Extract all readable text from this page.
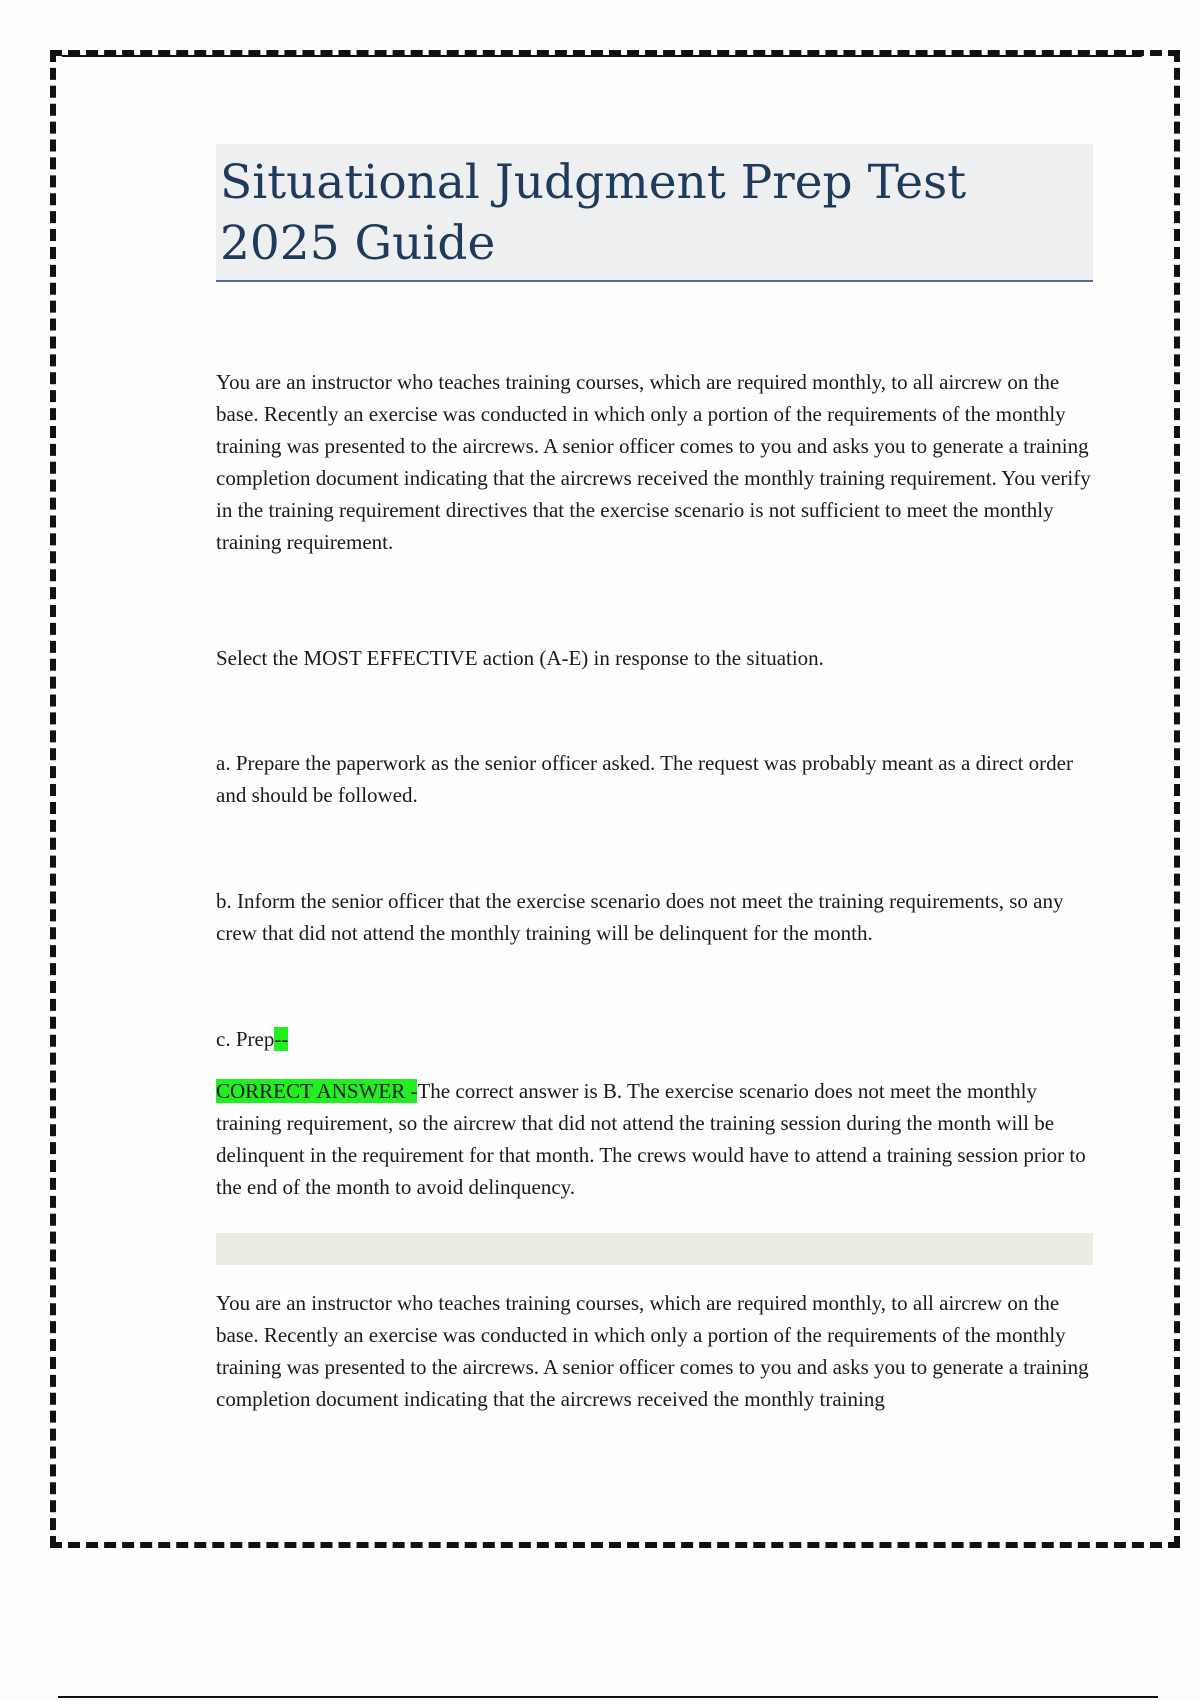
Situational Judgment Prep Test 2025 Guide

You are an instructor who teaches training courses, which are required monthly, to all aircrew on the base. Recently an exercise was conducted in which only a portion of the requirements of the monthly training was presented to the aircrews. A senior officer comes to you and asks you to generate a training completion document indicating that the aircrews received the monthly training requirement. You verify in the training requirement directives that the exercise scenario is not sufficient to meet the monthly training requirement.

Select the MOST EFFECTIVE action (A-E) in response to the situation.

a. Prepare the paperwork as the senior officer asked. The request was probably meant as a direct order and should be followed.

b. Inform the senior officer that the exercise scenario does not meet the training requirements, so any crew that did not attend the monthly training will be delinquent for the month.

c. Prep--

CORRECT ANSWER -The correct answer is B. The exercise scenario does not meet the monthly training requirement, so the aircrew that did not attend the training session during the month will be delinquent in the requirement for that month. The crews would have to attend a training session prior to the end of the month to avoid delinquency.

You are an instructor who teaches training courses, which are required monthly, to all aircrew on the base. Recently an exercise was conducted in which only a portion of the requirements of the monthly training was presented to the aircrews. A senior officer comes to you and asks you to generate a training completion document indicating that the aircrews received the monthly training
